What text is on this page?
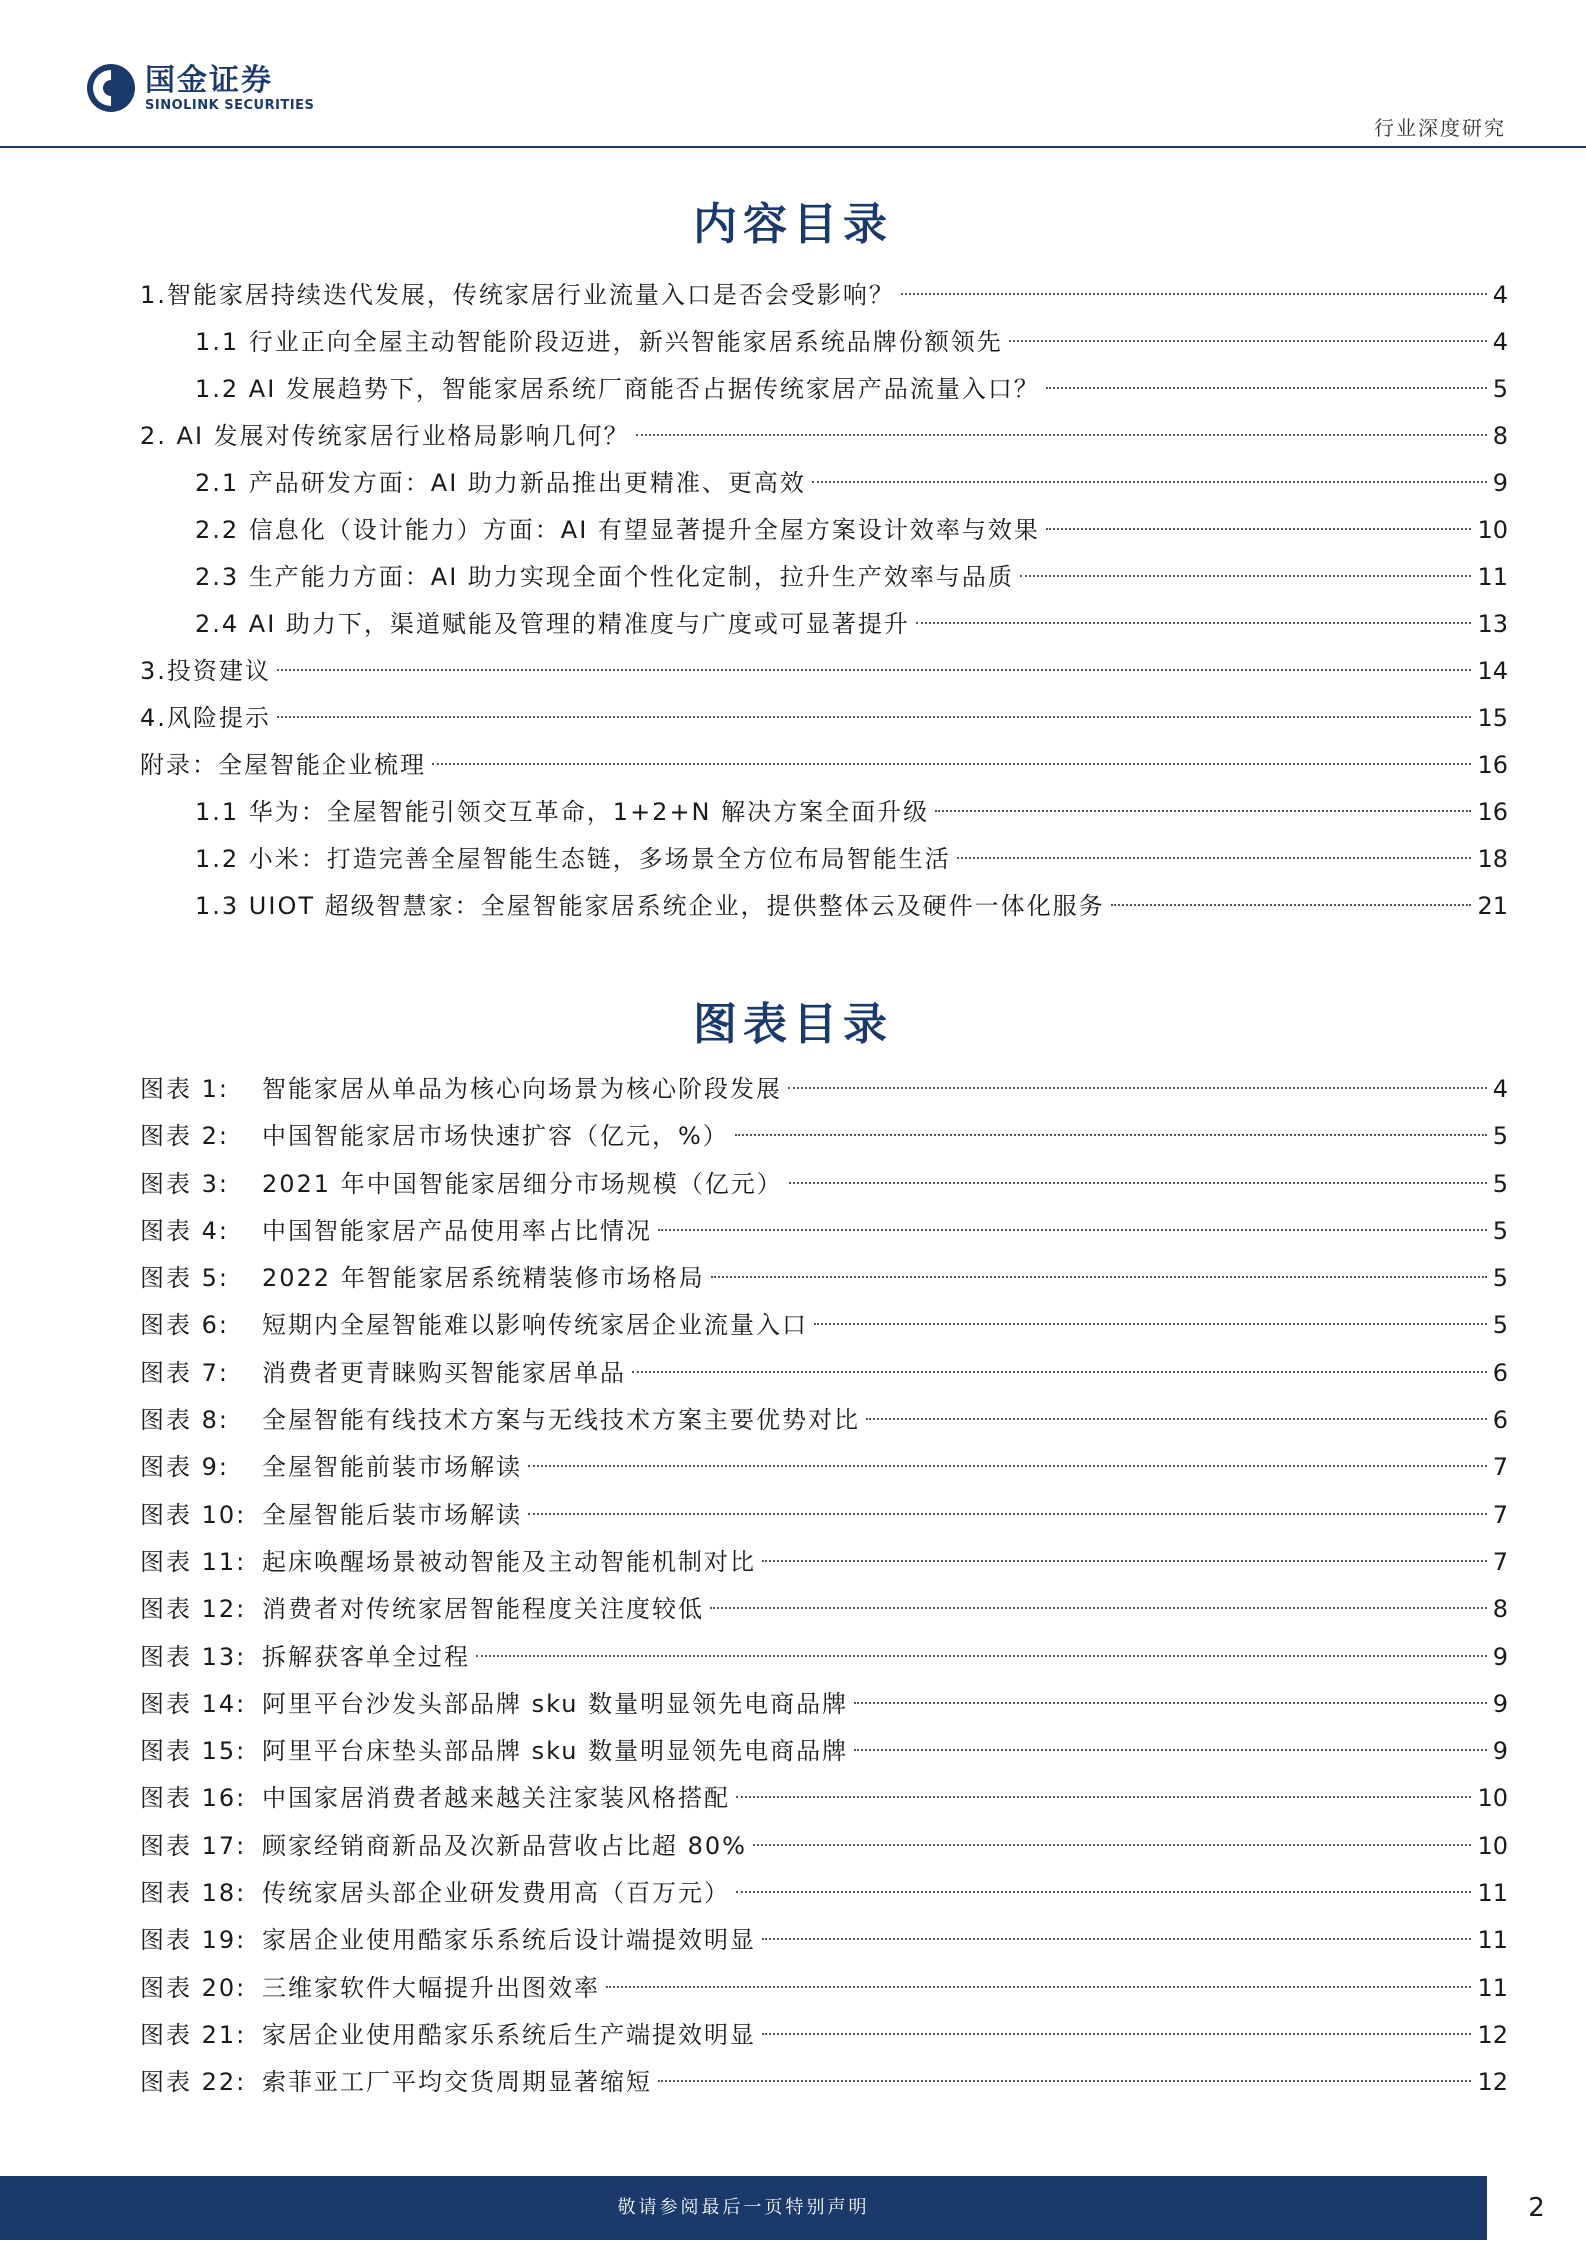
国金证券
SINOLINK SECURITIES
行业深度研究
内容目录
1.智能家居持续迭代发展，传统家居行业流量入口是否会受影响？	4
1.1 行业正向全屋主动智能阶段迈进，新兴智能家居系统品牌份额领先	4
1.2 AI 发展趋势下，智能家居系统厂商能否占据传统家居产品流量入口？	5
2. AI 发展对传统家居行业格局影响几何？	8
2.1 产品研发方面：AI 助力新品推出更精准、更高效	9
2.2 信息化（设计能力）方面：AI 有望显著提升全屋方案设计效率与效果	10
2.3 生产能力方面：AI 助力实现全面个性化定制，拉升生产效率与品质	11
2.4 AI 助力下，渠道赋能及管理的精准度与广度或可显著提升	13
3.投资建议	14
4.风险提示	15
附录：全屋智能企业梳理	16
1.1 华为：全屋智能引领交互革命，1+2+N 解决方案全面升级	16
1.2 小米：打造完善全屋智能生态链，多场景全方位布局智能生活	18
1.3 UIOT 超级智慧家：全屋智能家居系统企业，提供整体云及硬件一体化服务	21
图表目录
图表 1:	智能家居从单品为核心向场景为核心阶段发展	4
图表 2:	中国智能家居市场快速扩容（亿元，%）	5
图表 3:	2021 年中国智能家居细分市场规模（亿元）	5
图表 4:	中国智能家居产品使用率占比情况	5
图表 5:	2022 年智能家居系统精装修市场格局	5
图表 6:	短期内全屋智能难以影响传统家居企业流量入口	5
图表 7:	消费者更青睐购买智能家居单品	6
图表 8:	全屋智能有线技术方案与无线技术方案主要优势对比	6
图表 9:	全屋智能前装市场解读	7
图表 10: 全屋智能后装市场解读	7
图表 11: 起床唤醒场景被动智能及主动智能机制对比	7
图表 12: 消费者对传统家居智能程度关注度较低	8
图表 13: 拆解获客单全过程	9
图表 14: 阿里平台沙发头部品牌 sku 数量明显领先电商品牌	9
图表 15: 阿里平台床垫头部品牌 sku 数量明显领先电商品牌	9
图表 16: 中国家居消费者越来越关注家装风格搭配	10
图表 17: 顾家经销商新品及次新品营收占比超 80%	10
图表 18: 传统家居头部企业研发费用高（百万元）	11
图表 19: 家居企业使用酷家乐系统后设计端提效明显	11
图表 20: 三维家软件大幅提升出图效率	11
图表 21: 家居企业使用酷家乐系统后生产端提效明显	12
图表 22: 索菲亚工厂平均交货周期显著缩短	12
敬请参阅最后一页特别声明	2
